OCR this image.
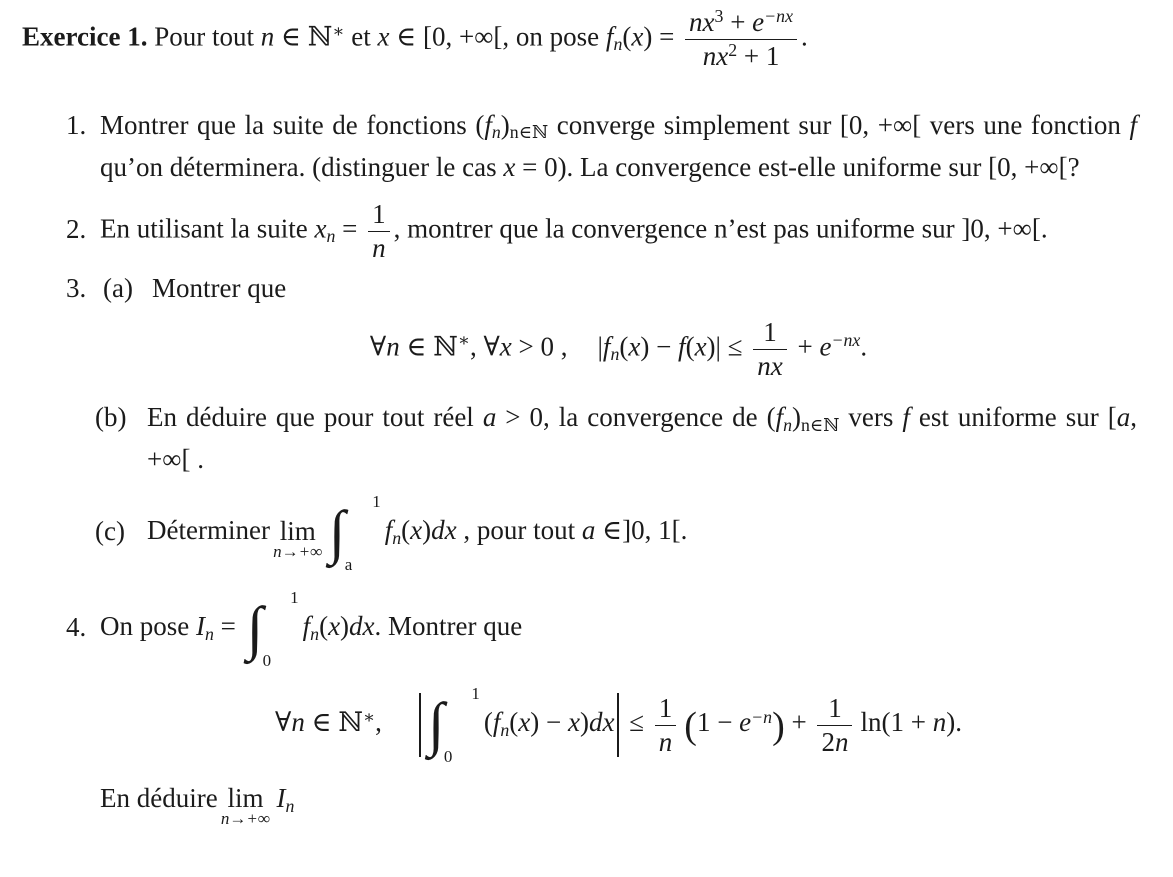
Exercice 1. Pour tout n ∈ ℕ∗ et x ∈ [0, +∞[, on pose $fn(x) = \frac{nx^3 + e^{-nx}}{nx^2 + 1}$ .
1. Montrer que la suite de fonctions (fn)n∈ℕ converge simplement sur [0, +∞[ vers une fonction f qu’on déterminera. (distinguer le cas x = 0). La convergence est-elle uniforme sur [0, +∞[?
2. En utilisant la suite xn = $\frac{1}{n}$ , montrer que la convergence n’est pas uniforme sur ]0, +∞[.
3. (a) Montrer que
∀n ∈ ℕ∗, ∀x > 0 , $|fn(x) - f(x)| \le \frac{1}{nx} + e^{-nx}$.
(b) En déduire que pour tout réel a > 0, la convergence de (fn)n∈ℕ vers f est uniforme sur [a, +∞[ .
(c) Déterminer lim
n→+∞ ∫ 1
a
fn(x)dx , pour tout a ∈]0, 1[.
4. On pose In = ∫ 1
0
fn(x)dx. Montrer que
∀n ∈ ℕ∗, ∫ 1
0
$(fn(x) - x)dx \le \frac{1}{n} (1 - e^{-n}) + \frac{1}{2n} \ln(1 + n)$.
En déduire lim
n→+∞
In
